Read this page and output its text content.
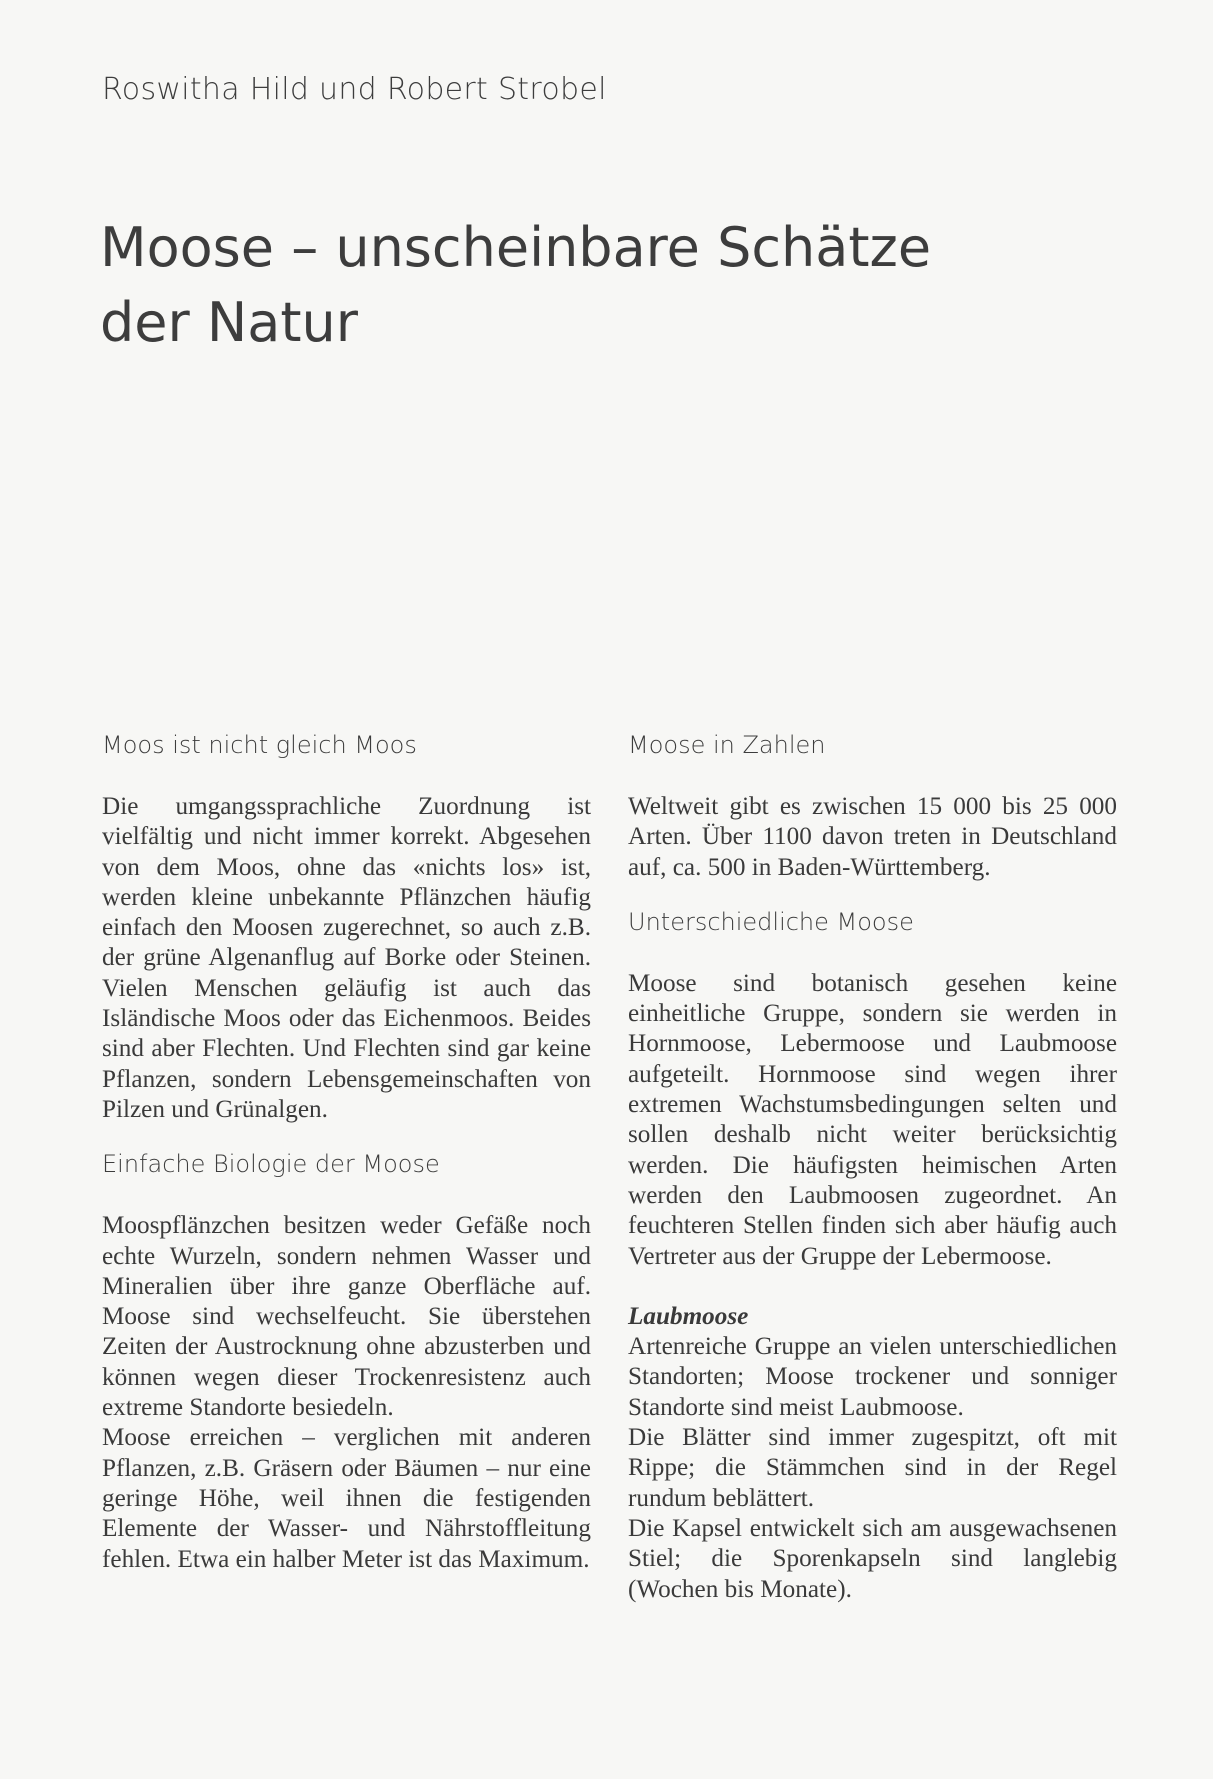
Roswitha Hild und Robert Strobel

Moose – unscheinbare Schätze
der Natur
Moos ist nicht gleich Moos

Die umgangssprachliche Zuordnung ist vielfältig und nicht immer korrekt. Abgesehen von dem Moos, ohne das «nichts los» ist, werden kleine unbekannte Pflänzchen häufig einfach den Moosen zugerechnet, so auch z.B. der grüne Algenanflug auf Borke oder Steinen. Vielen Menschen geläufig ist auch das Isländische Moos oder das Eichenmoos. Beides sind aber Flechten. Und Flechten sind gar keine Pflanzen, sondern Lebensgemeinschaften von Pilzen und Grünalgen.

Einfache Biologie der Moose

Moospflänzchen besitzen weder Gefäße noch echte Wurzeln, sondern nehmen Wasser und Mineralien über ihre ganze Oberfläche auf. Moose sind wechselfeucht. Sie überstehen Zeiten der Austrocknung ohne abzusterben und können wegen dieser Trockenresistenz auch extreme Standorte besiedeln.

Moose erreichen – verglichen mit anderen Pflanzen, z.B. Gräsern oder Bäumen – nur eine geringe Höhe, weil ihnen die festigenden Elemente der Wasser- und Nährstoffleitung fehlen. Etwa ein halber Meter ist das Maximum.

Moose in Zahlen

Weltweit gibt es zwischen 15 000 bis 25 000 Arten. Über 1100 davon treten in Deutschland auf, ca. 500 in Baden-Württemberg.

Unterschiedliche Moose

Moose sind botanisch gesehen keine einheitliche Gruppe, sondern sie werden in Hornmoose, Lebermoose und Laubmoose aufgeteilt. Hornmoose sind wegen ihrer extremen Wachstumsbedingungen selten und sollen deshalb nicht weiter berücksichtig werden. Die häufigsten heimischen Arten werden den Laubmoosen zugeordnet. An feuchteren Stellen finden sich aber häufig auch Vertreter aus der Gruppe der Lebermoose.

Laubmoose

Artenreiche Gruppe an vielen unterschiedlichen Standorten; Moose trockener und sonniger Standorte sind meist Laubmoose.

Die Blätter sind immer zugespitzt, oft mit Rippe; die Stämmchen sind in der Regel rundum beblättert.

Die Kapsel entwickelt sich am ausgewachsenen Stiel; die Sporenkapseln sind langlebig (Wochen bis Monate).
